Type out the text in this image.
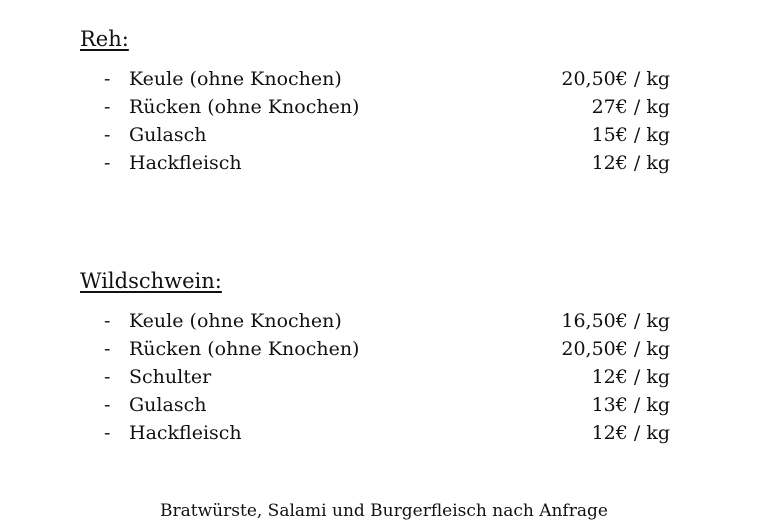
Reh:
- Keule (ohne Knochen)	20,50€ / kg
- Rücken (ohne Knochen)	27€ / kg
- Gulasch	15€ / kg
- Hackfleisch	12€ / kg
Wildschwein:
- Keule (ohne Knochen)	16,50€ / kg
- Rücken (ohne Knochen)	20,50€ / kg
- Schulter	12€ / kg
- Gulasch	13€ / kg
- Hackfleisch	12€ / kg
Bratwürste, Salami und Burgerfleisch nach Anfrage
